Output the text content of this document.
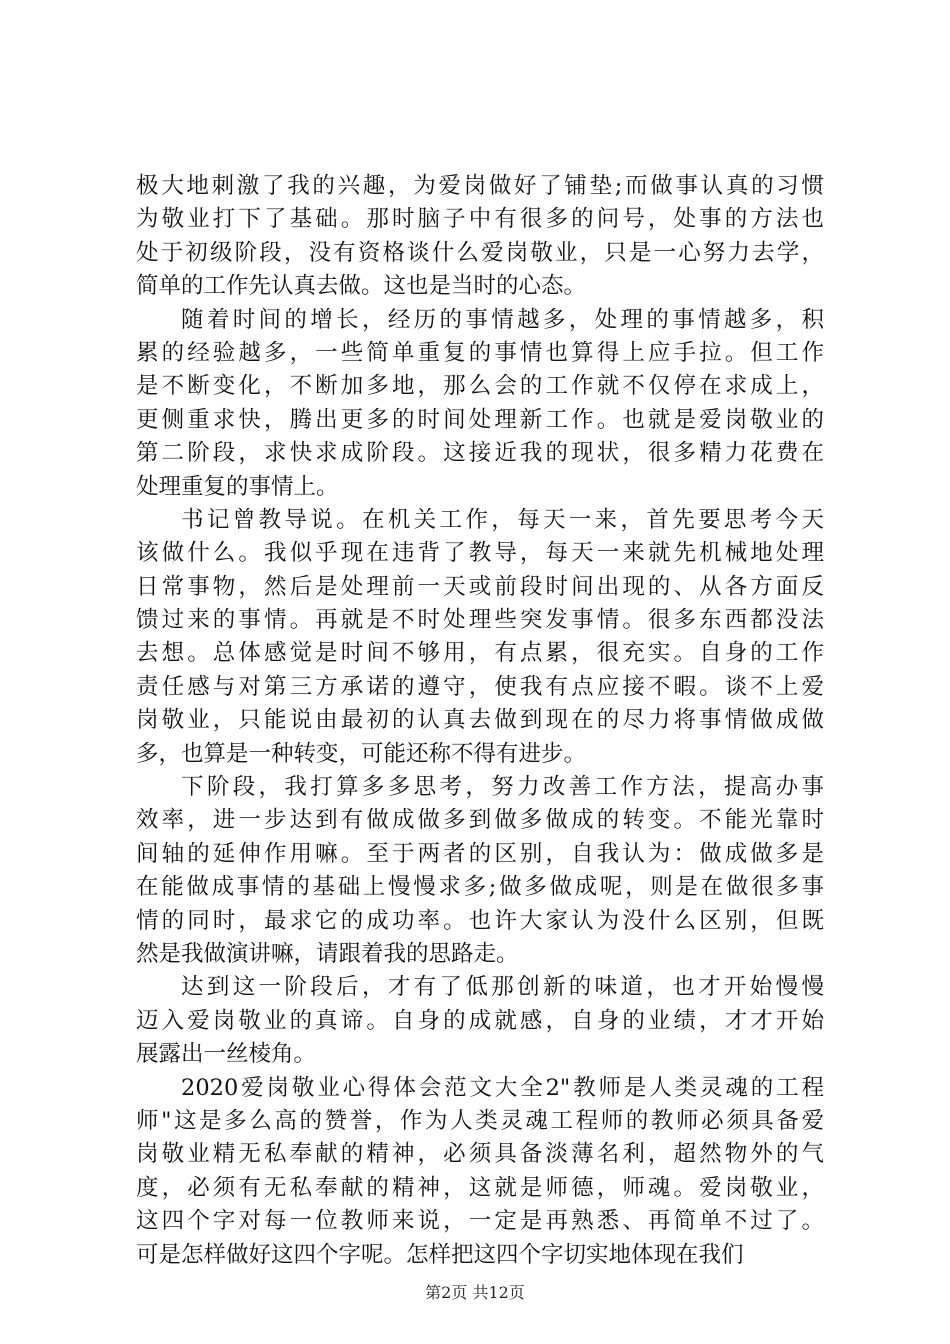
极大地刺激了我的兴趣，为爱岗做好了铺垫;而做事认真的习惯
为敬业打下了基础。那时脑子中有很多的问号，处事的方法也
处于初级阶段，没有资格谈什么爱岗敬业，只是一心努力去学，
简单的工作先认真去做。这也是当时的心态。
随着时间的增长，经历的事情越多，处理的事情越多，积
累的经验越多，一些简单重复的事情也算得上应手拉。但工作
是不断变化，不断加多地，那么会的工作就不仅停在求成上，
更侧重求快，腾出更多的时间处理新工作。也就是爱岗敬业的
第二阶段，求快求成阶段。这接近我的现状，很多精力花费在
处理重复的事情上。
书记曾教导说。在机关工作，每天一来，首先要思考今天
该做什么。我似乎现在违背了教导，每天一来就先机械地处理
日常事物，然后是处理前一天或前段时间出现的、从各方面反
馈过来的事情。再就是不时处理些突发事情。很多东西都没法
去想。总体感觉是时间不够用，有点累，很充实。自身的工作
责任感与对第三方承诺的遵守，使我有点应接不暇。谈不上爱
岗敬业，只能说由最初的认真去做到现在的尽力将事情做成做
多，也算是一种转变，可能还称不得有进步。
下阶段，我打算多多思考，努力改善工作方法，提高办事
效率，进一步达到有做成做多到做多做成的转变。不能光靠时
间轴的延伸作用嘛。至于两者的区别，自我认为：做成做多是
在能做成事情的基础上慢慢求多;做多做成呢，则是在做很多事
情的同时，最求它的成功率。也许大家认为没什么区别，但既
然是我做演讲嘛，请跟着我的思路走。
达到这一阶段后，才有了低那创新的味道，也才开始慢慢
迈入爱岗敬业的真谛。自身的成就感，自身的业绩，才才开始
展露出一丝棱角。
2020爱岗敬业心得体会范文大全2"教师是人类灵魂的工程
师"这是多么高的赞誉，作为人类灵魂工程师的教师必须具备爱
岗敬业精无私奉献的精神，必须具备淡薄名利，超然物外的气
度，必须有无私奉献的精神，这就是师德，师魂。爱岗敬业，
这四个字对每一位教师来说，一定是再熟悉、再简单不过了。
可是怎样做好这四个字呢。怎样把这四个字切实地体现在我们
第2页 共12页
